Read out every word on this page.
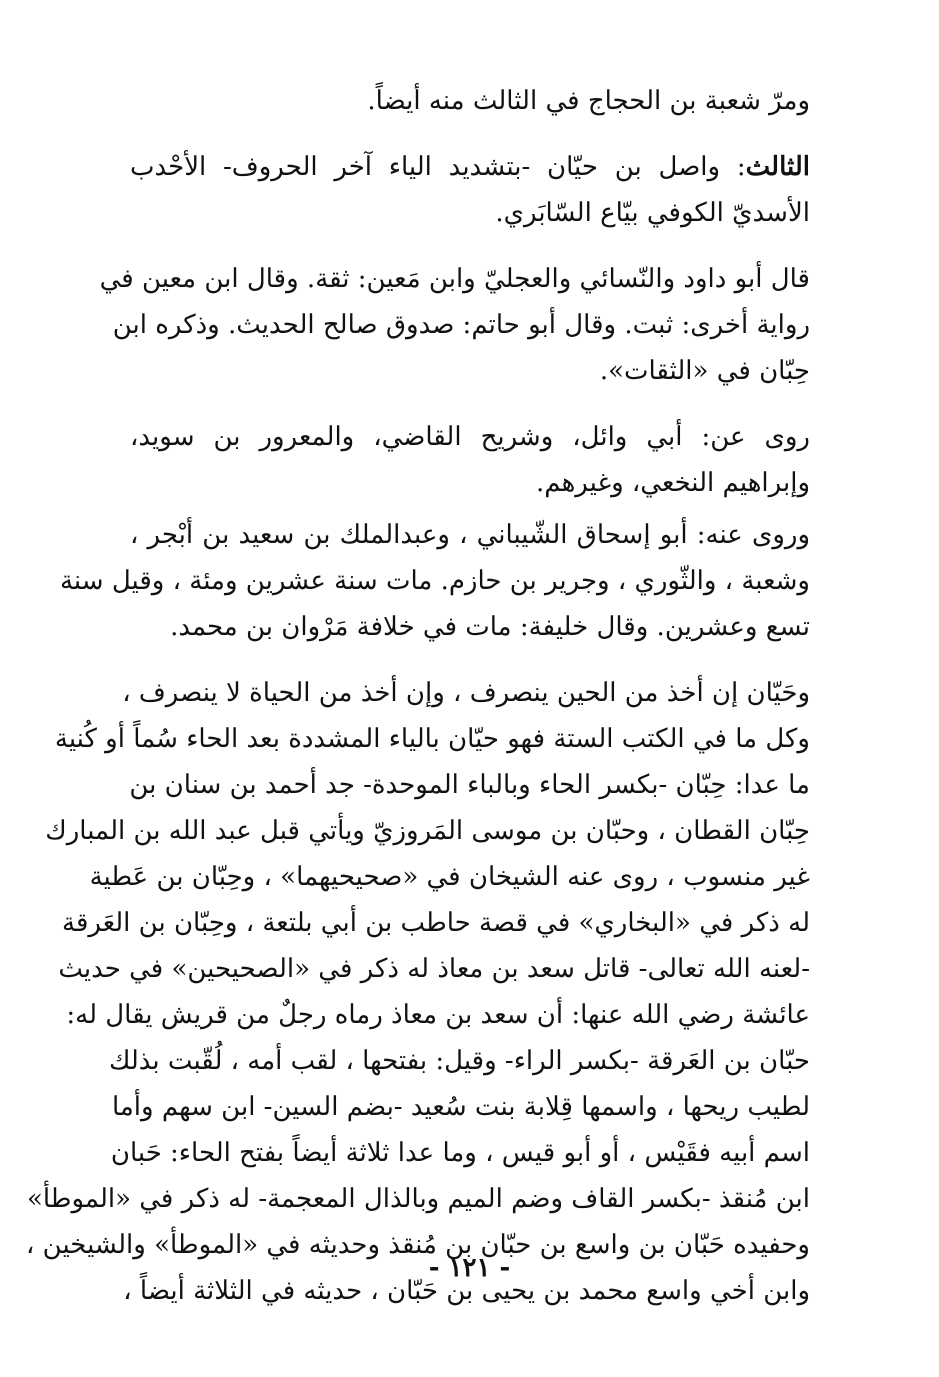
ومرّ شعبة بن الحجاج في الثالث منه أيضاً.
الثالث: واصل بن حيّان -بتشديد الياء آخر الحروف- الأحْدب
الأسديّ الكوفي بيّاع السّابَري.
قال أبو داود والنّسائي والعجليّ وابن مَعين: ثقة. وقال ابن معين في
رواية أخرى: ثبت. وقال أبو حاتم: صدوق صالح الحديث. وذكره ابن
حِبّان في «الثقات».
روى عن: أبي وائل، وشريح القاضي، والمعرور بن سويد،
وإبراهيم النخعي، وغيرهم.
وروى عنه: أبو إسحاق الشّيباني ، وعبدالملك بن سعيد بن أبْجر ،
وشعبة ، والثّوري ، وجرير بن حازم. مات سنة عشرين ومئة ، وقيل سنة
تسع وعشرين. وقال خليفة: مات في خلافة مَرْوان بن محمد.
وحَيّان إن أخذ من الحين ينصرف ، وإن أخذ من الحياة لا ينصرف ،
وكل ما في الكتب الستة فهو حيّان بالياء المشددة بعد الحاء سُماً أو كُنية
ما عدا: حِبّان -بكسر الحاء وبالباء الموحدة- جد أحمد بن سنان بن
حِبّان القطان ، وحبّان بن موسى المَروزيّ ويأتي قبل عبد الله بن المبارك
غير منسوب ، روى عنه الشيخان في «صحيحيهما» ، وحِبّان بن عَطية
له ذكر في «البخاري» في قصة حاطب بن أبي بلتعة ، وحِبّان بن العَرقة
-لعنه الله تعالى- قاتل سعد بن معاذ له ذكر في «الصحيحين» في حديث
عائشة رضي الله عنها: أن سعد بن معاذ رماه رجلٌ من قريش يقال له:
حبّان بن العَرقة -بكسر الراء- وقيل: بفتحها ، لقب أمه ، لُقّبت بذلك
لطيب ريحها ، واسمها قِلابة بنت سُعيد -بضم السين- ابن سهم وأما
اسم أبيه فقَيْس ، أو أبو قيس ، وما عدا ثلاثة أيضاً بفتح الحاء: حَبان
ابن مُنقذ -بكسر القاف وضم الميم وبالذال المعجمة- له ذكر في «الموطأ»
وحفيده حَبّان بن واسع بن حبّان بن مُنقذ وحديثه في «الموطأ» والشيخين ،
وابن أخي واسع محمد بن يحيى بن حَبّان ، حديثه في الثلاثة أيضاً ،
- ١٢١ -
